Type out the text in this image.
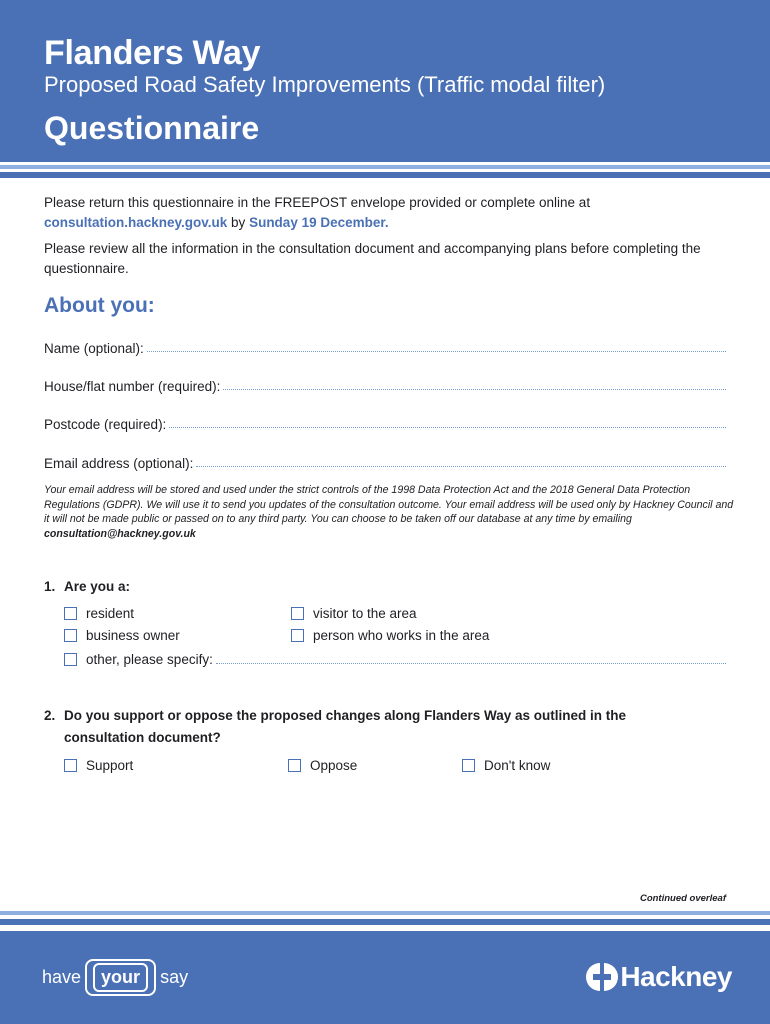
Flanders Way
Proposed Road Safety Improvements (Traffic modal filter)
Questionnaire
Please return this questionnaire in the FREEPOST envelope provided or complete online at
consultation.hackney.gov.uk by Sunday 19 December.
Please review all the information in the consultation document and accompanying plans before completing the questionnaire.
About you:
Name (optional):
House/flat number (required):
Postcode (required):
Email address (optional):
Your email address will be stored and used under the strict controls of the 1998 Data Protection Act and the 2018 General Data Protection Regulations (GDPR). We will use it to send you updates of the consultation outcome. Your email address will be used only by Hackney Council and it will not be made public or passed on to any third party. You can choose to be taken off our database at any time by emailing consultation@hackney.gov.uk
1. Are you a:
resident	visitor to the area
business owner	person who works in the area
other, please specify:
2. Do you support or oppose the proposed changes along Flanders Way as outlined in the
consultation document?
Support	Oppose	Don't know
Continued overleaf
have	your	say	Hackney
